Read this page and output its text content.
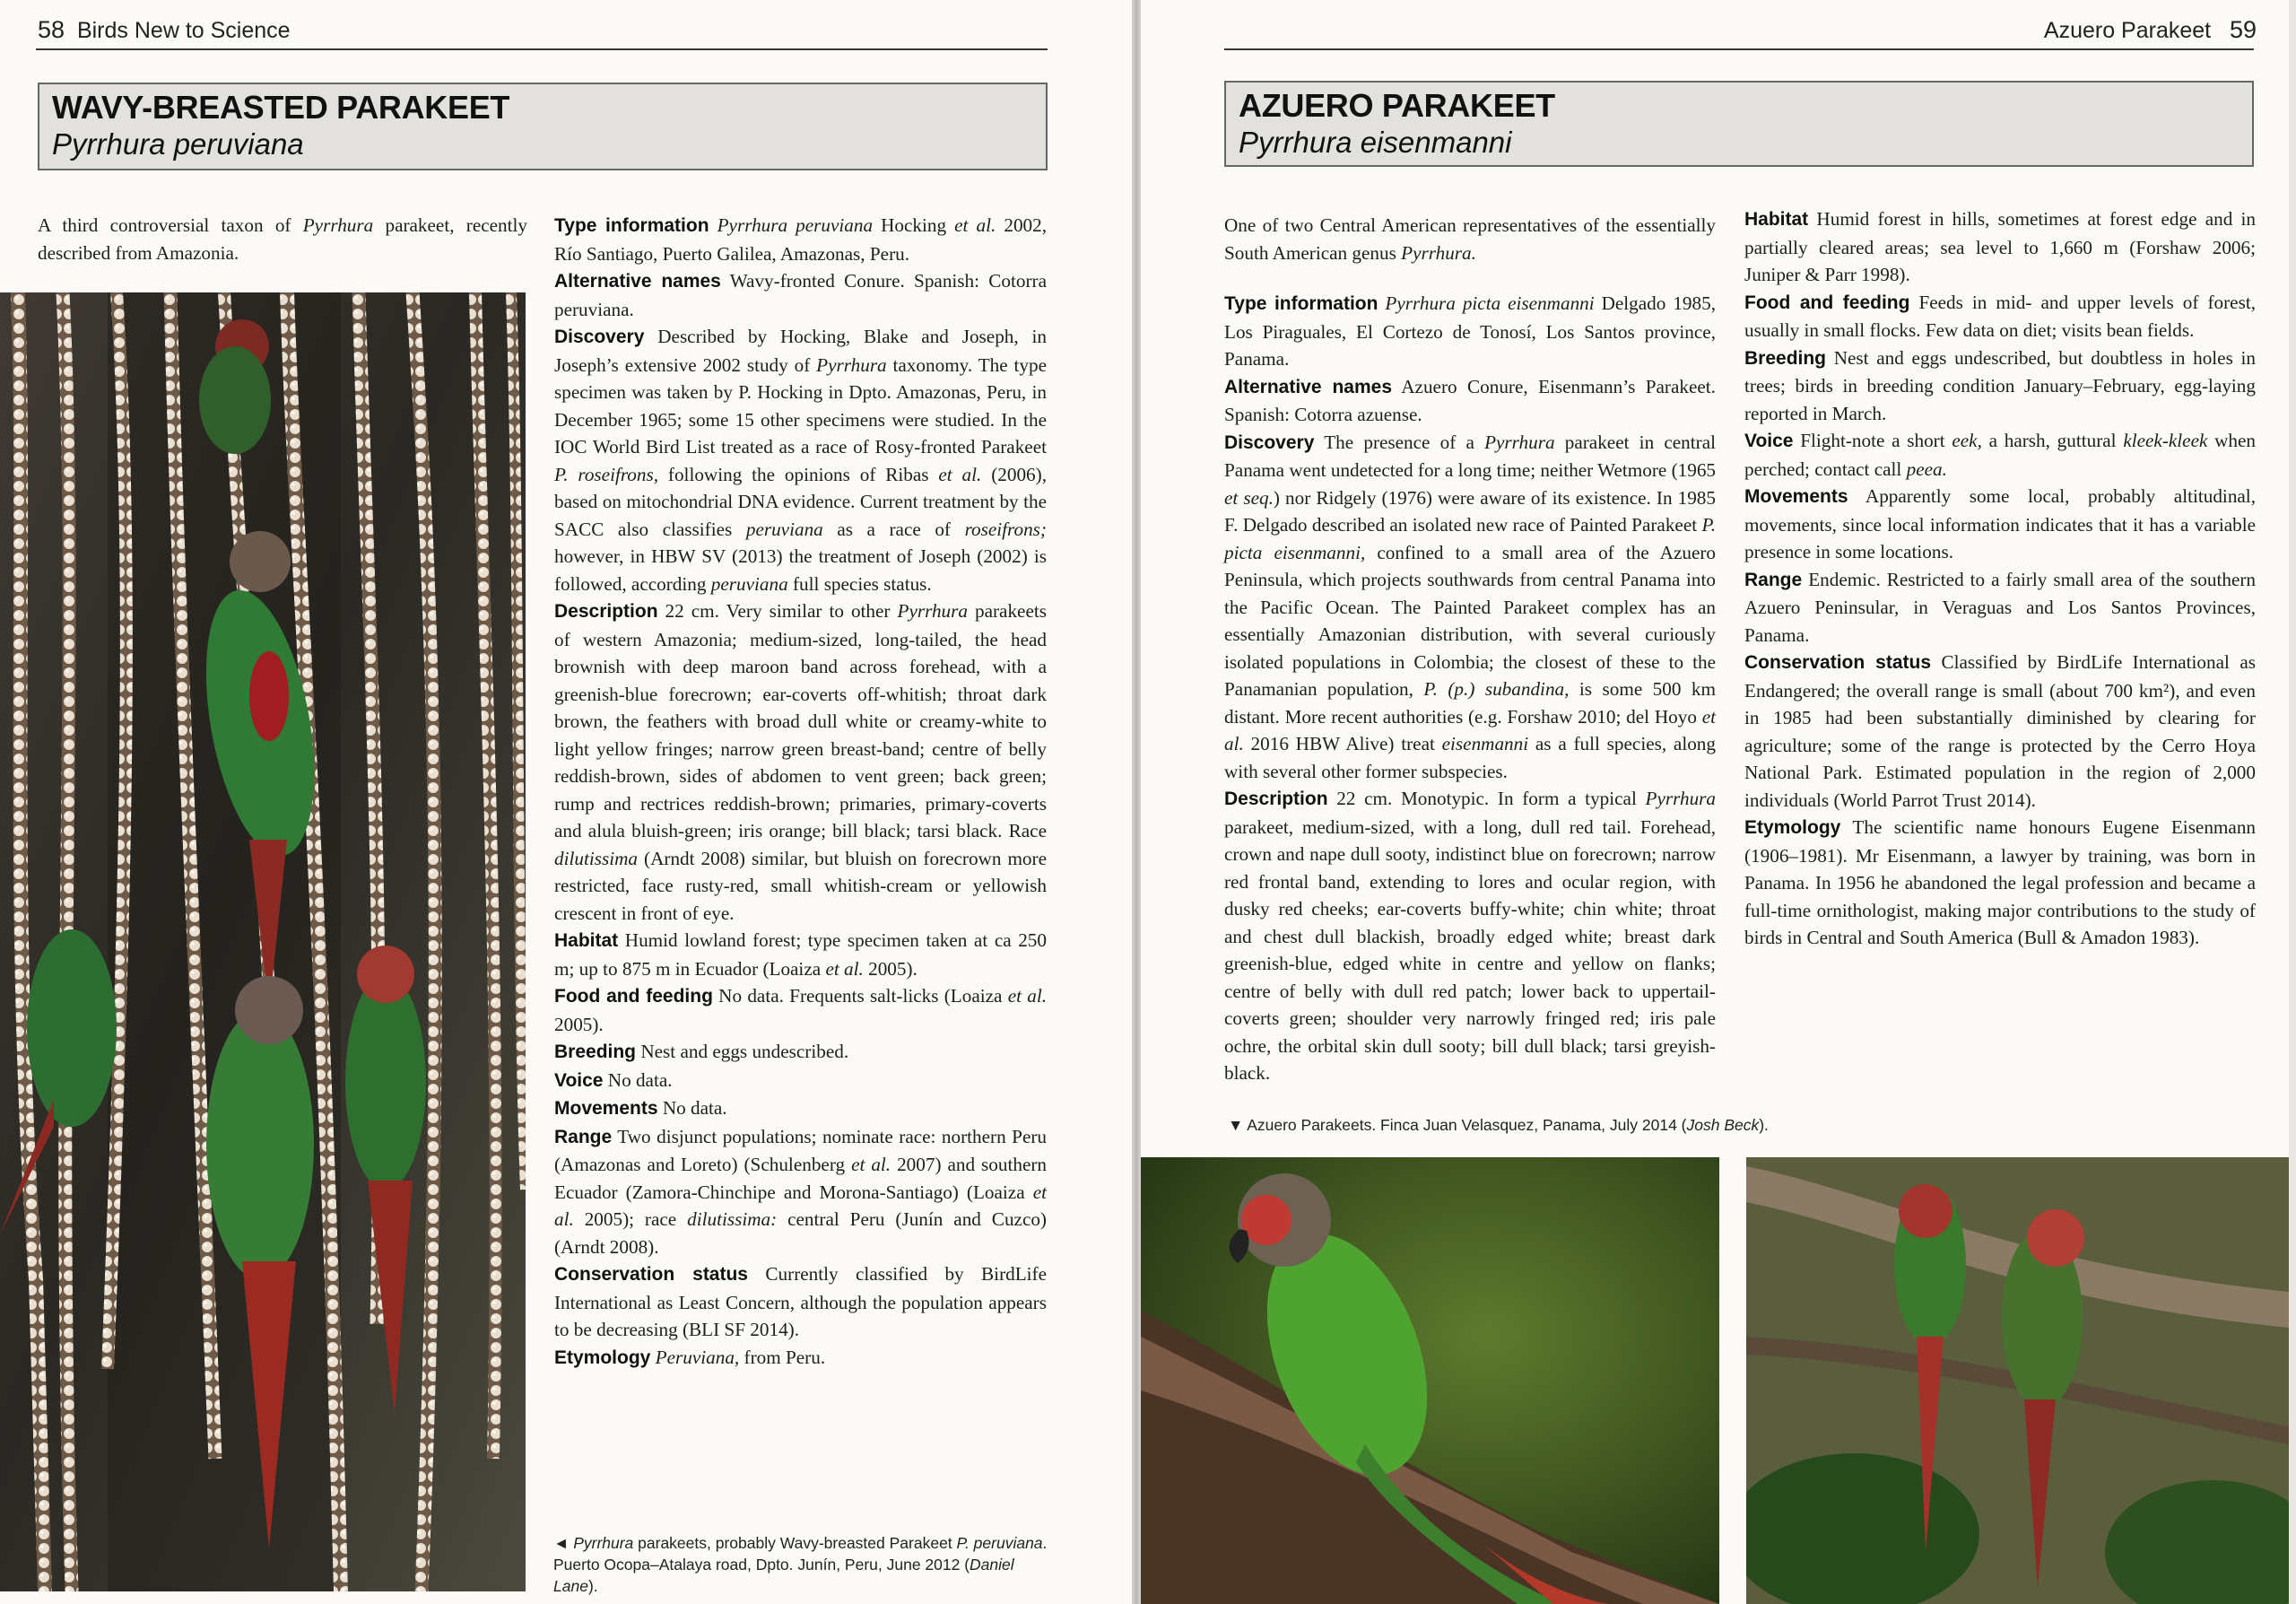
58 Birds New to Science
WAVY-BREASTED PARAKEET
Pyrrhura peruviana
A third controversial taxon of Pyrrhura parakeet, recently described from Amazonia.

Type information Pyrrhura peruviana Hocking et al. 2002, Río Santiago, Puerto Galilea, Amazonas, Peru.

Alternative names Wavy-fronted Conure. Spanish: Cotorra peruviana.

Discovery Described by Hocking, Blake and Joseph, in Joseph’s extensive 2002 study of Pyrrhura taxonomy. The type specimen was taken by P. Hocking in Dpto. Amazonas, Peru, in December 1965; some 15 other specimens were studied. In the IOC World Bird List treated as a race of Rosy-fronted Parakeet P. roseifrons, following the opinions of Ribas et al. (2006), based on mitochondrial DNA evidence. Current treatment by the SACC also classifies peruviana as a race of roseifrons; however, in HBW SV (2013) the treatment of Joseph (2002) is followed, according peruviana full species status.

Description 22 cm. Very similar to other Pyrrhura parakeets of western Amazonia; medium-sized, long-tailed, the head brownish with deep maroon band across forehead, with a greenish-blue forecrown; ear-coverts off-whitish; throat dark brown, the feathers with broad dull white or creamy-white to light yellow fringes; narrow green breast-band; centre of belly reddish-brown, sides of abdomen to vent green; back green; rump and rectrices reddish-brown; primaries, primary-coverts and alula bluish-green; iris orange; bill black; tarsi black. Race dilutissima (Arndt 2008) similar, but bluish on forecrown more restricted, face rusty-red, small whitish-cream or yellowish crescent in front of eye.

Habitat Humid lowland forest; type specimen taken at ca 250 m; up to 875 m in Ecuador (Loaiza et al. 2005).

Food and feeding No data. Frequents salt-licks (Loaiza et al. 2005).

Breeding Nest and eggs undescribed.

Voice No data.

Movements No data.

Range Two disjunct populations; nominate race: northern Peru (Amazonas and Loreto) (Schulenberg et al. 2007) and southern Ecuador (Zamora-Chinchipe and Morona-Santiago) (Loaiza et al. 2005); race dilutissima: central Peru (Junín and Cuzco) (Arndt 2008).

Conservation status Currently classified by BirdLife International as Least Concern, although the population appears to be decreasing (BLI SF 2014).

Etymology Peruviana, from Peru.

◄ Pyrrhura parakeets, probably Wavy-breasted Parakeet P. peruviana. Puerto Ocopa–Atalaya road, Dpto. Junín, Peru, June 2012 (Daniel Lane).
Azuero Parakeet 59
AZUERO PARAKEET
Pyrrhura eisenmanni

One of two Central American representatives of the essentially South American genus Pyrrhura.

Type information Pyrrhura picta eisenmanni Delgado 1985, Los Piraguales, El Cortezo de Tonosí, Los Santos province, Panama.

Alternative names Azuero Conure, Eisenmann’s Parakeet. Spanish: Cotorra azuense.

Discovery The presence of a Pyrrhura parakeet in central Panama went undetected for a long time; neither Wetmore (1965 et seq.) nor Ridgely (1976) were aware of its existence. In 1985 F. Delgado described an isolated new race of Painted Parakeet P. picta eisenmanni, confined to a small area of the Azuero Peninsula, which projects southwards from central Panama into the Pacific Ocean. The Painted Parakeet complex has an essentially Amazonian distribution, with several curiously isolated populations in Colombia; the closest of these to the Panamanian population, P. (p.) subandina, is some 500 km distant. More recent authorities (e.g. Forshaw 2010; del Hoyo et al. 2016 HBW Alive) treat eisenmanni as a full species, along with several other former subspecies.

Description 22 cm. Monotypic. In form a typical Pyrrhura parakeet, medium-sized, with a long, dull red tail. Forehead, crown and nape dull sooty, indistinct blue on forecrown; narrow red frontal band, extending to lores and ocular region, with dusky red cheeks; ear-coverts buffy-white; chin white; throat and chest dull blackish, broadly edged white; breast dark greenish-blue, edged white in centre and yellow on flanks; centre of belly with dull red patch; lower back to uppertail-coverts green; shoulder very narrowly fringed red; iris pale ochre, the orbital skin dull sooty; bill dull black; tarsi greyish-black.

Habitat Humid forest in hills, sometimes at forest edge and in partially cleared areas; sea level to 1,660 m (Forshaw 2006; Juniper & Parr 1998).

Food and feeding Feeds in mid- and upper levels of forest, usually in small flocks. Few data on diet; visits bean fields.

Breeding Nest and eggs undescribed, but doubtless in holes in trees; birds in breeding condition January–February, egg-laying reported in March.

Voice Flight-note a short eek, a harsh, guttural kleek-kleek when perched; contact call peea.

Movements Apparently some local, probably altitudinal, movements, since local information indicates that it has a variable presence in some locations.

Range Endemic. Restricted to a fairly small area of the southern Azuero Peninsular, in Veraguas and Los Santos Provinces, Panama.

Conservation status Classified by BirdLife International as Endangered; the overall range is small (about 700 km²), and even in 1985 had been substantially diminished by clearing for agriculture; some of the range is protected by the Cerro Hoya National Park. Estimated population in the region of 2,000 individuals (World Parrot Trust 2014).

Etymology The scientific name honours Eugene Eisenmann (1906–1981). Mr Eisenmann, a lawyer by training, was born in Panama. In 1956 he abandoned the legal profession and became a full-time ornithologist, making major contributions to the study of birds in Central and South America (Bull & Amadon 1983).

▼ Azuero Parakeets. Finca Juan Velasquez, Panama, July 2014 (Josh Beck).
